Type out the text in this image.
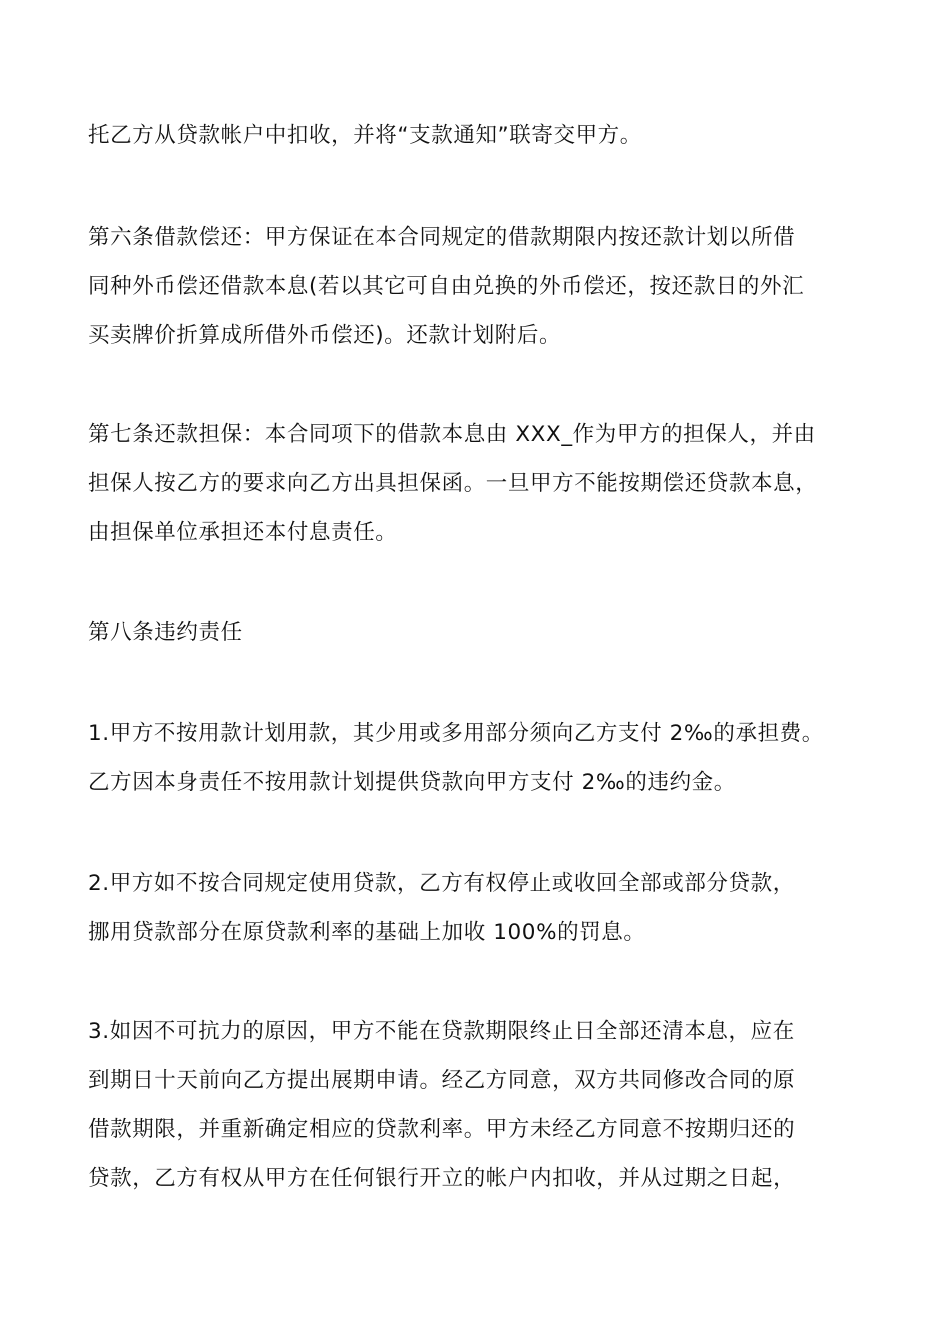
托乙方从贷款帐户中扣收，并将“支款通知”联寄交甲方。
第六条借款偿还：甲方保证在本合同规定的借款期限内按还款计划以所借
同种外币偿还借款本息(若以其它可自由兑换的外币偿还，按还款日的外汇
买卖牌价折算成所借外币偿还)。还款计划附后。
第七条还款担保：本合同项下的借款本息由 XXX_作为甲方的担保人，并由
担保人按乙方的要求向乙方出具担保函。一旦甲方不能按期偿还贷款本息，
由担保单位承担还本付息责任。
第八条违约责任
1.甲方不按用款计划用款，其少用或多用部分须向乙方支付 2‰的承担费。
乙方因本身责任不按用款计划提供贷款向甲方支付 2‰的违约金。
2.甲方如不按合同规定使用贷款，乙方有权停止或收回全部或部分贷款，
挪用贷款部分在原贷款利率的基础上加收 100%的罚息。
3.如因不可抗力的原因，甲方不能在贷款期限终止日全部还清本息，应在
到期日十天前向乙方提出展期申请。经乙方同意，双方共同修改合同的原
借款期限，并重新确定相应的贷款利率。甲方未经乙方同意不按期归还的
贷款，乙方有权从甲方在任何银行开立的帐户内扣收，并从过期之日起，
